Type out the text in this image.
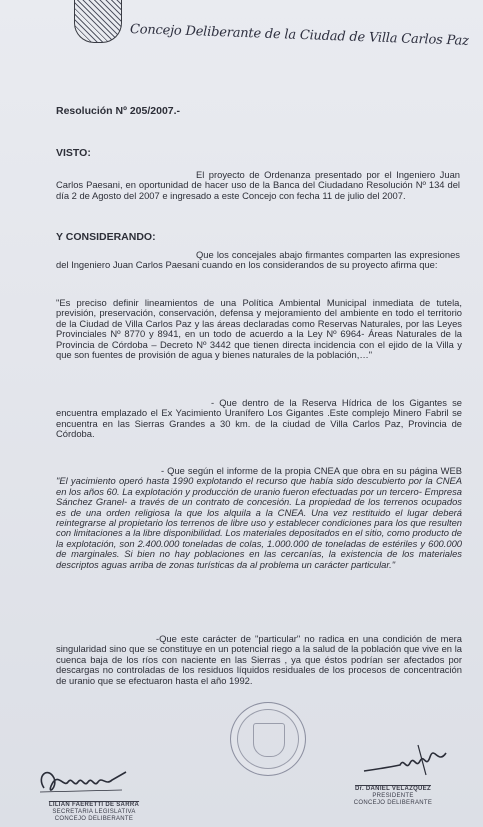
Concejo Deliberante de la Ciudad de Villa Carlos Paz

Resolución Nº 205/2007.-

VISTO:

El proyecto de Ordenanza presentado por el Ingeniero Juan Carlos Paesani, en oportunidad de hacer uso de la Banca del Ciudadano Resolución Nº 134 del día 2 de Agosto del 2007 e ingresado a este Concejo con fecha 11 de julio del 2007.

Y CONSIDERANDO:

Que los concejales abajo firmantes comparten las expresiones del Ingeniero Juan Carlos Paesani cuando en los considerandos de su proyecto afirma que:

"Es preciso definir lineamientos de una Política Ambiental Municipal inmediata de tutela, previsión, preservación, conservación, defensa y mejoramiento del ambiente en todo el territorio de la Ciudad de Villa Carlos Paz y las áreas declaradas como Reservas Naturales, por las Leyes Provinciales Nº 8770 y 8941, en un todo de acuerdo a la Ley Nº 6964- Áreas Naturales de la Provincia de Córdoba – Decreto Nº 3442 que tienen directa incidencia con el ejido de la Villa y que son fuentes de provisión de agua y bienes naturales de la población,…"

- Que dentro de la Reserva Hídrica de los Gigantes se encuentra emplazado el Ex Yacimiento Uranífero Los Gigantes .Este complejo Minero Fabril se encuentra en las Sierras Grandes a 30 km. de la ciudad de Villa Carlos Paz, Provincia de Córdoba.

- Que según el informe de la propia CNEA que obra en su página WEB "El yacimiento operó hasta 1990 explotando el recurso que había sido descubierto por la CNEA en los años 60. La explotación y producción de uranio fueron efectuadas por un tercero- Empresa Sánchez Granel- a través de un contrato de concesión. La propiedad de los terrenos ocupados es de una orden religiosa la que los alquila a la CNEA. Una vez restituido el lugar deberá reintegrarse al propietario los terrenos de libre uso y establecer condiciones para los que resulten con limitaciones a la libre disponibilidad. Los materiales depositados en el sitio, como producto de la explotación, son 2.400.000 toneladas de colas, 1.000.000 de toneladas de estériles y 600.000 de marginales. Si bien no hay poblaciones en las cercanías, la existencia de los materiales descriptos aguas arriba de zonas turísticas da al problema un carácter particular."

-Que este carácter de "particular" no radica en una condición de mera singularidad sino que se constituye en un potencial riego a la salud de la población que vive en la cuenca baja de los ríos con naciente en las Sierras , ya que éstos podrían ser afectados por descargas no controladas de los residuos líquidos residuales de los procesos de concentración de uranio que se efectuaron hasta el año 1992.

LILIAN FAERETTI DE SARRA
SECRETARIA LEGISLATIVA
CONCEJO DELIBERANTE
Dr. DANIEL VELAZQUEZ
PRESIDENTE
CONCEJO DELIBERANTE
